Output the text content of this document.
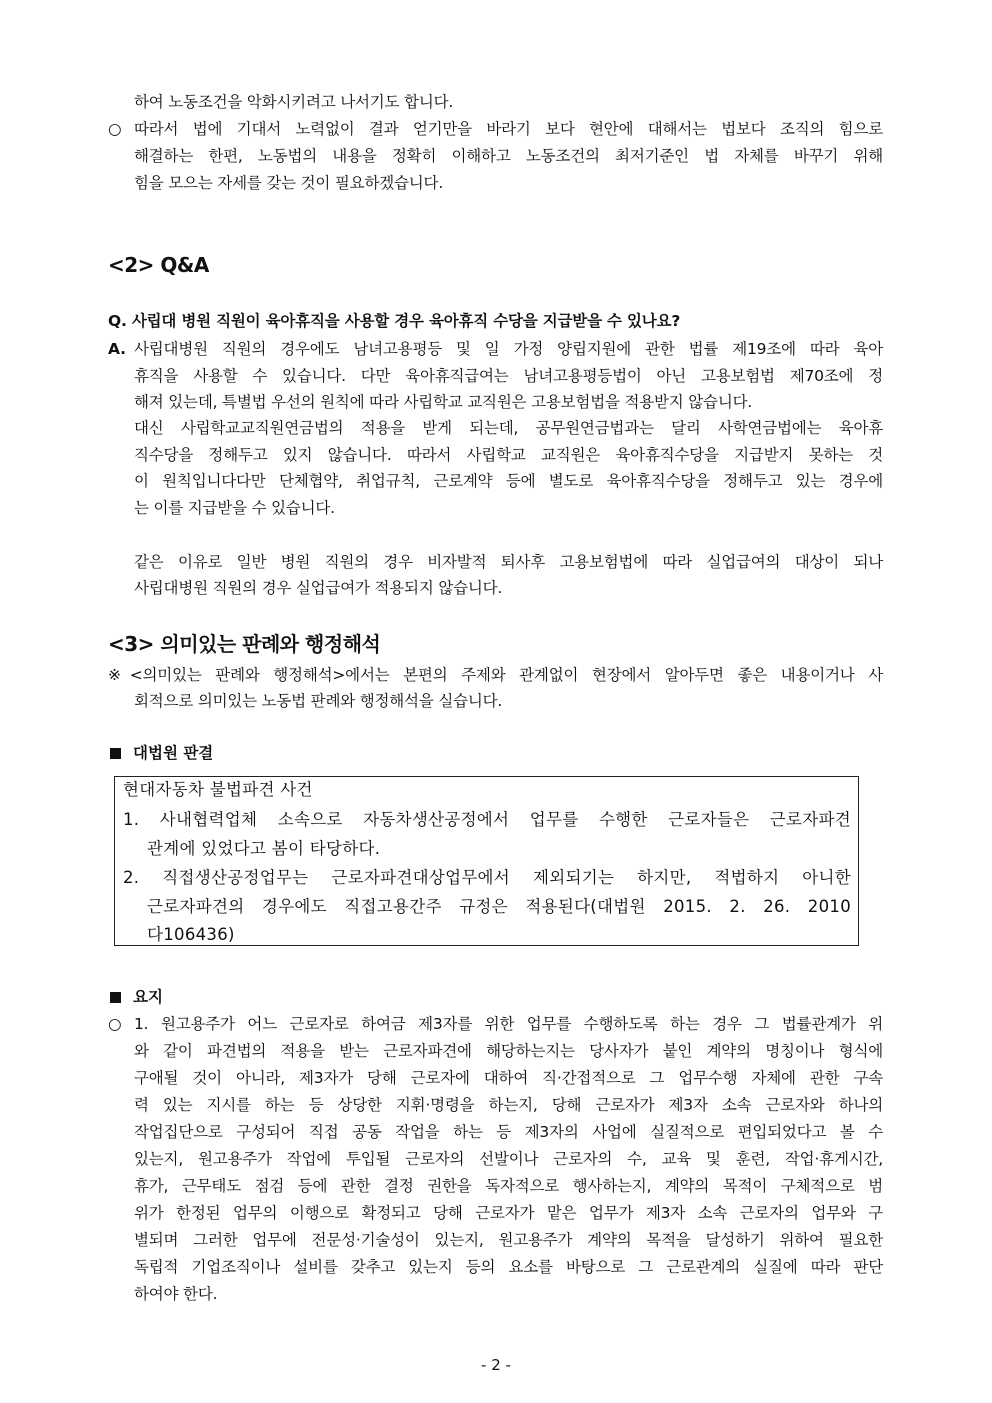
하여 노동조건을 악화시키려고 나서기도 합니다.
○ 따라서 법에 기대서 노력없이 결과 얻기만을 바라기 보다 현안에 대해서는 법보다 조직의 힘으로
해결하는 한편, 노동법의 내용을 정확히 이해하고 노동조건의 최저기준인 법 자체를 바꾸기 위해
힘을 모으는 자세를 갖는 것이 필요하겠습니다.
<2> Q&A
Q. 사립대 병원 직원이 육아휴직을 사용할 경우 육아휴직 수당을 지급받을 수 있나요?
A. 사립대병원 직원의 경우에도 남녀고용평등 및 일 가정 양립지원에 관한 법률 제19조에 따라 육아
휴직을 사용할 수 있습니다. 다만 육아휴직급여는 남녀고용평등법이 아닌 고용보험법 제70조에 정
해져 있는데, 특별법 우선의 원칙에 따라 사립학교 교직원은 고용보험법을 적용받지 않습니다.
대신 사립학교교직원연금법의 적용을 받게 되는데, 공무원연금법과는 달리 사학연금법에는 육아휴
직수당을 정해두고 있지 않습니다. 따라서 사립학교 교직원은 육아휴직수당을 지급받지 못하는 것
이 원칙입니다다만 단체협약, 취업규칙, 근로계약 등에 별도로 육아휴직수당을 정해두고 있는 경우에
는 이를 지급받을 수 있습니다.
같은 이유로 일반 병원 직원의 경우 비자발적 퇴사후 고용보험법에 따라 실업급여의 대상이 되나
사립대병원 직원의 경우 실업급여가 적용되지 않습니다.
<3> 의미있는 판례와 행정해석
※<의미있는 판례와 행정해석>에서는 본편의 주제와 관계없이 현장에서 알아두면 좋은 내용이거나 사
회적으로 의미있는 노동법 판례와 행정해석을 실습니다.
대법원 판결
현대자동차 불법파견 사건
1. 사내협력업체 소속으로 자동차생산공정에서 업무를 수행한 근로자들은 근로자파견
관계에 있었다고 봄이 타당하다.
2. 직접생산공정업무는 근로자파견대상업무에서 제외되기는 하지만, 적법하지 아니한
근로자파견의 경우에도 직접고용간주 규정은 적용된다(대법원 2015. 2. 26. 2010
다106436)
요지
○ 1. 원고용주가 어느 근로자로 하여금 제3자를 위한 업무를 수행하도록 하는 경우 그 법률관계가 위
와 같이 파견법의 적용을 받는 근로자파견에 해당하는지는 당사자가 붙인 계약의 명칭이나 형식에
구애될 것이 아니라, 제3자가 당해 근로자에 대하여 직·간접적으로 그 업무수행 자체에 관한 구속
력 있는 지시를 하는 등 상당한 지휘·명령을 하는지, 당해 근로자가 제3자 소속 근로자와 하나의
작업집단으로 구성되어 직접 공동 작업을 하는 등 제3자의 사업에 실질적으로 편입되었다고 볼 수
있는지, 원고용주가 작업에 투입될 근로자의 선발이나 근로자의 수, 교육 및 훈련, 작업·휴게시간,
휴가, 근무태도 점검 등에 관한 결정 권한을 독자적으로 행사하는지, 계약의 목적이 구체적으로 범
위가 한정된 업무의 이행으로 확정되고 당해 근로자가 맡은 업무가 제3자 소속 근로자의 업무와 구
별되며 그러한 업무에 전문성·기술성이 있는지, 원고용주가 계약의 목적을 달성하기 위하여 필요한
독립적 기업조직이나 설비를 갖추고 있는지 등의 요소를 바탕으로 그 근로관계의 실질에 따라 판단
하여야 한다.
- 2 -
